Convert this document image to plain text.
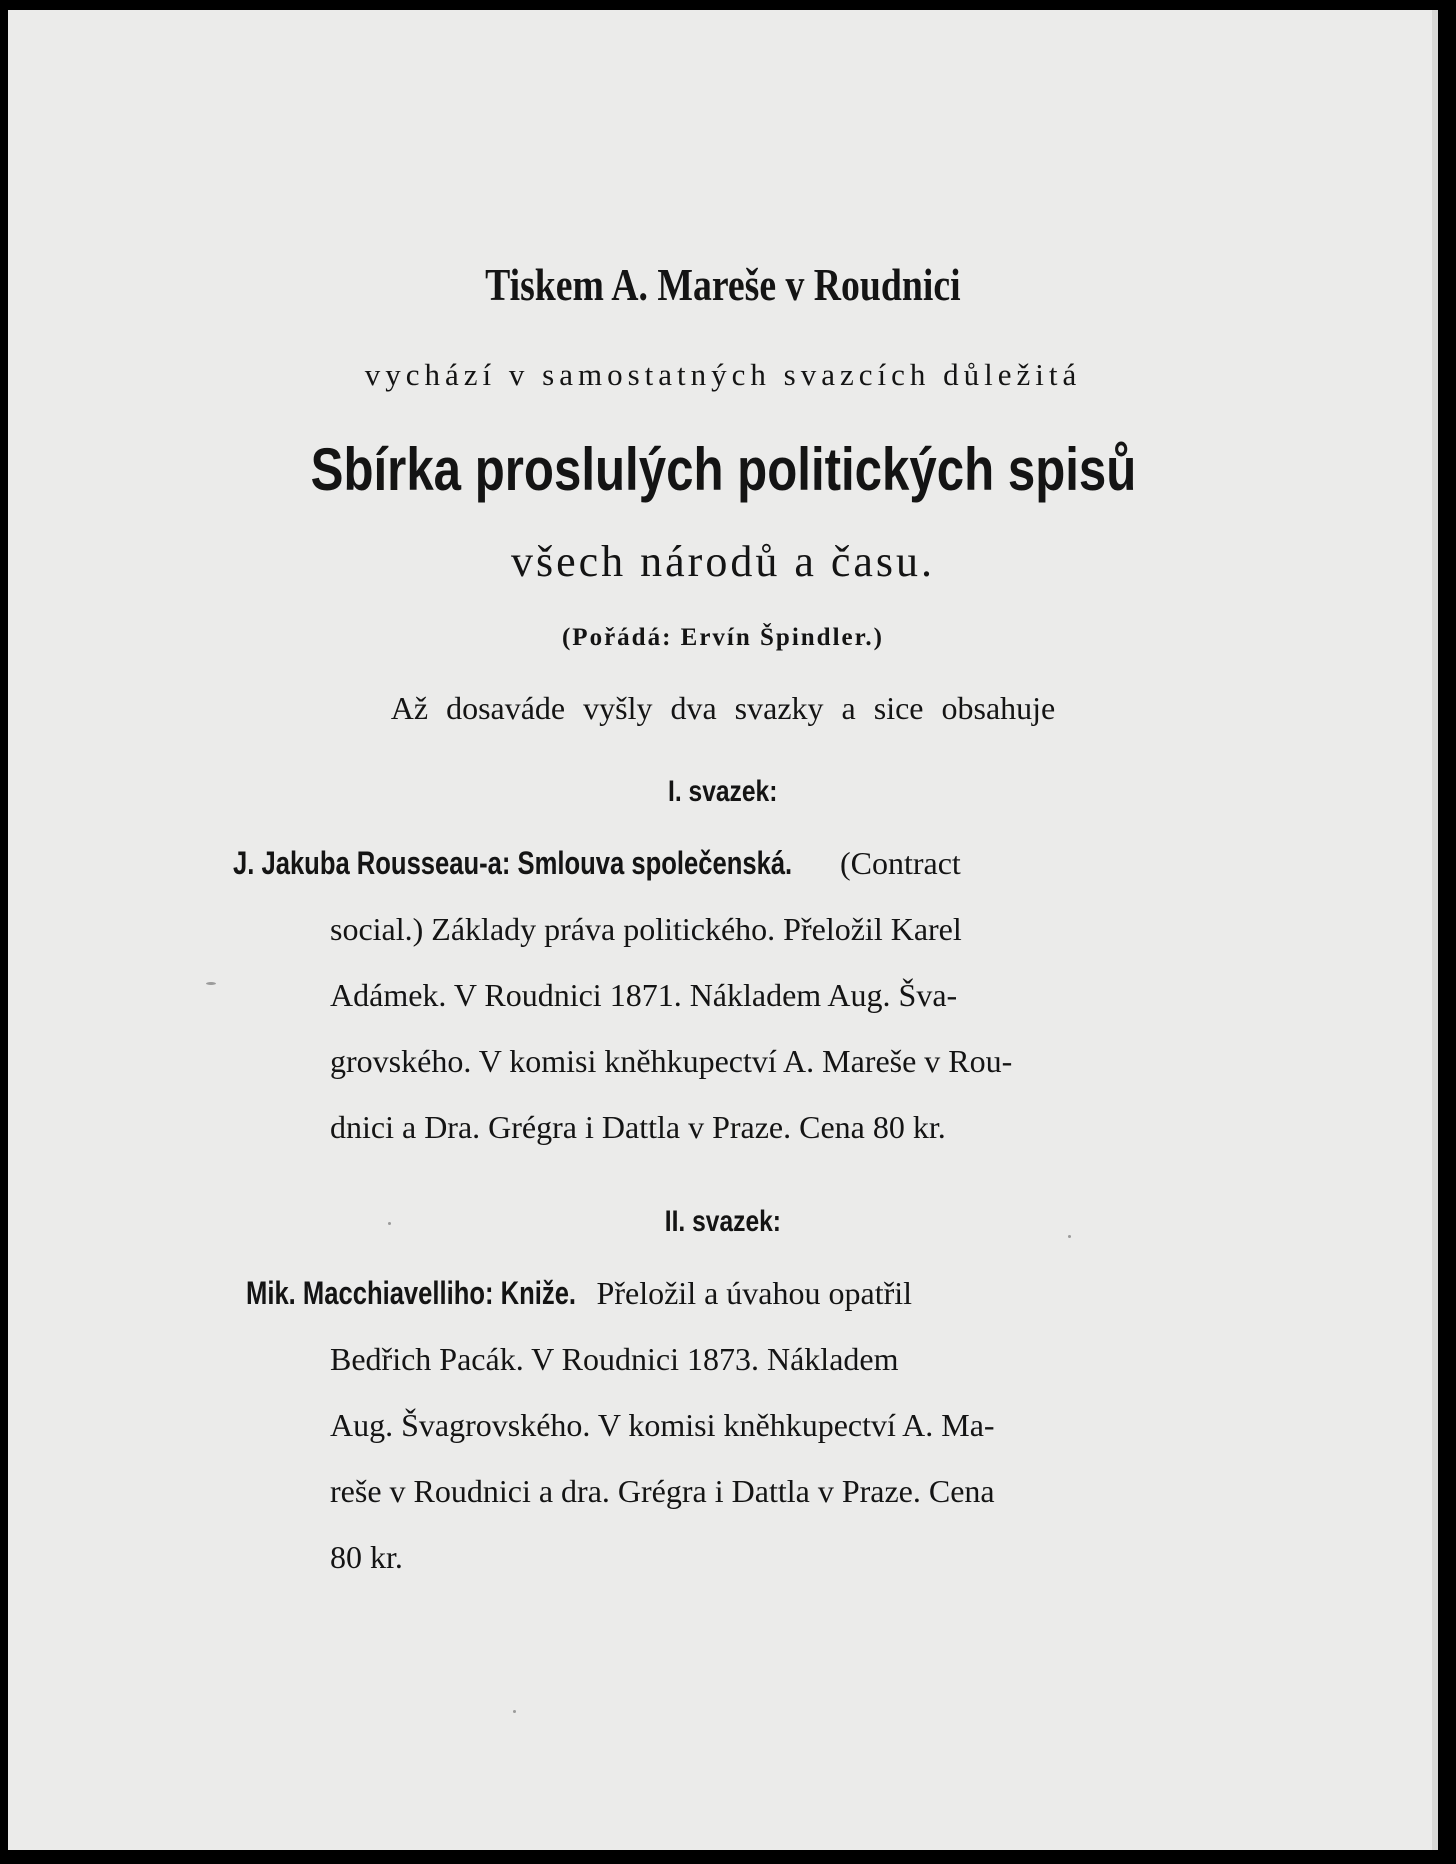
Tiskem A. Mareše v Roudnici
vychází v samostatných svazcích důležitá
Sbírka proslulých politických spisů
všech národů a času.
(Pořádá: Ervín Špindler.)
Až dosaváde vyšly dva svazky a sice obsahuje
I. svazek:
J. Jakuba Rousseau-a: Smlouva společenská. (Contract
social.) Základy práva politického. Přeložil Karel
Adámek. V Roudnici 1871. Nákladem Aug. Šva-
grovského. V komisi kněhkupectví A. Mareše v Rou-
dnici a Dra. Grégra i Dattla v Praze. Cena 80 kr.
II. svazek:
Mik. Macchiavelliho: Kniže. Přeložil a úvahou opatřil
Bedřich Pacák. V Roudnici 1873. Nákladem
Aug. Švagrovského. V komisi kněhkupectví A. Ma-
reše v Roudnici a dra. Grégra i Dattla v Praze. Cena
80 kr.
